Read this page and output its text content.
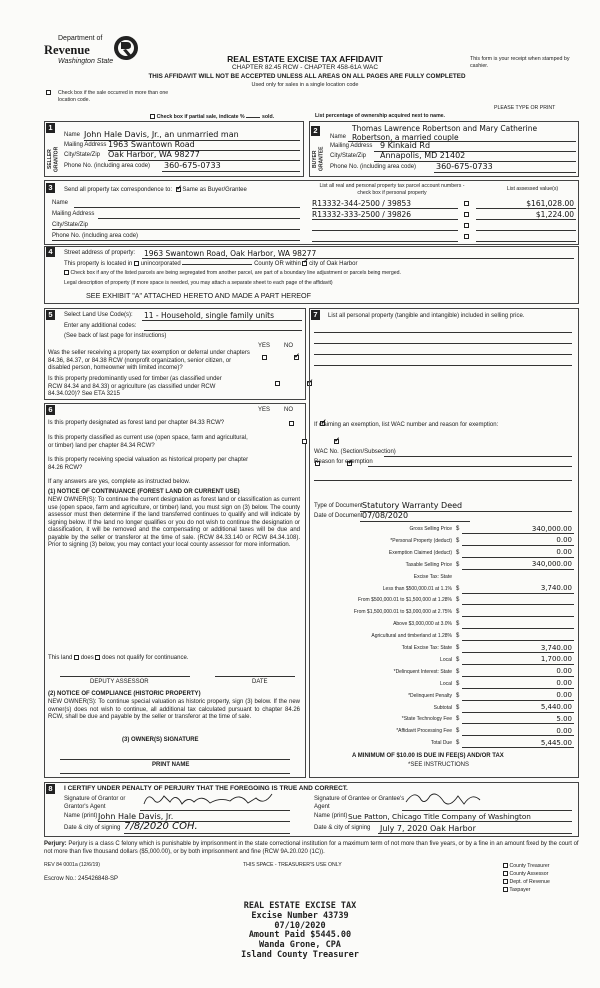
Department of
Revenue
Washington State	REAL ESTATE EXCISE TAX AFFIDAVIT
CHAPTER 82.45 RCW - CHAPTER 458-61A WAC
THIS AFFIDAVIT WILL NOT BE ACCEPTED UNLESS ALL AREAS ON ALL PAGES ARE FULLY COMPLETED
Used only for sales in a single location code
This form is your receipt when stamped by cashier.
Check box if the sale occurred in more than one location code.
Check box if partial sale, indicate %	sold.	List percentage of ownership acquired next to name.
PLEASE TYPE OR PRINT
1
SELLER GRANTOR
Name John Hale Davis, Jr., an unmarried man
Mailing Address 1963 Swantown Road
City/State/Zip Oak Harbor, WA 98277
Phone No. (including area code) 360-675-0733
2
BUYER GRANTEE
Thomas Lawrence Robertson and Mary Catherine Robertson, a married couple
Name
Mailing Address 9 Kinkaid Rd
City/State/Zip Annapolis, MD 21402
Phone No. (including area code) 360-675-0733
3	Send all property tax correspondence to: ✓ Same as Buyer/Grantee
Name
Mailing Address
City/State/Zip
Phone No. (including area code)
List all real and personal property tax parcel account numbers - check box if personal property
List assessed value(s)
R13332-344-2500 / 39853	$161,028.00
R13332-333-2500 / 39826	$1,224.00
4	Street address of property: 1963 Swantown Road, Oak Harbor, WA 98277
This property is located in unincorporated	County OR within ✓ city of Oak Harbor
Check box if any of the listed parcels are being segregated from another parcel, are part of a boundary line adjustment or parcels being merged.
Legal description of property (if more space is needed, you may attach a separate sheet to each page of the affidavit)
SEE EXHIBIT "A" ATTACHED HERETO AND MADE A PART HEREOF
5	Select Land Use Code(s): 11 - Household, single family units
Enter any additional codes:
(See back of last page for instructions)
YES NO
Was the seller receiving a property tax exemption or deferral under chapters 84.36, 84.37, or 84.38 RCW (nonprofit organization, senior citizen, or disabled person, homeowner with limited income)?
✓
Is this property predominantly used for timber (as classified under RCW 84.34 and 84.33) or agriculture (as classified under RCW 84.34.020)? See ETA 3215
✓
6	YES NO
Is this property designated as forest land per chapter 84.33 RCW?
✓
Is this property classified as current use (open space, farm and agricultural, or timber) land per chapter 84.34 RCW?
✓
Is this property receiving special valuation as historical property per chapter 84.26 RCW?
✓
If any answers are yes, complete as instructed below.
(1) NOTICE OF CONTINUANCE (FOREST LAND OR CURRENT USE)
NEW OWNER(S): To continue the current designation as forest land or classification as current use (open space, farm and agriculture, or timber) land, you must sign on (3) below. The county assessor must then determine if the land transferred continues to qualify and will indicate by signing below. If the land no longer qualifies or you do not wish to continue the designation or classification, it will be removed and the compensating or additional taxes will be due and payable by the seller or transferor at the time of sale. (RCW 84.33.140 or RCW 84.34.108). Prior to signing (3) below, you may contact your local county assessor for more information.
This land does does not qualify for continuance.
DEPUTY ASSESSOR	DATE
(2) NOTICE OF COMPLIANCE (HISTORIC PROPERTY)
NEW OWNER(S): To continue special valuation as historic property, sign (3) below. If the new owner(s) does not wish to continue, all additional tax calculated pursuant to chapter 84.26 RCW, shall be due and payable by the seller or transferor at the time of sale.
(3) OWNER(S) SIGNATURE
PRINT NAME
7	List all personal property (tangible and intangible) included in selling price.
If claiming an exemption, list WAC number and reason for exemption:
WAC No. (Section/Subsection)
Reason for exemption
Type of Document Statutory Warranty Deed
Date of Document 07/08/2020
Gross Selling Price $	340,000.00
*Personal Property (deduct) $	0.00
Exemption Claimed (deduct) $	0.00
Taxable Selling Price $	340,000.00
Excise Tax: State
Less than $500,000.01 at 1.1% $	3,740.00
From $500,000.01 to $1,500,000 at 1.28% $
From $1,500,000.01 to $3,000,000 at 2.75% $
Above $3,000,000 at 3.0% $
Agricultural and timberland at 1.28% $
Total Excise Tax: State $	3,740.00
Local $	1,700.00
*Delinquent Interest: State $	0.00
Local $	0.00
*Delinquent Penalty $	0.00
Subtotal $	5,440.00
*State Technology Fee $	5.00
*Affidavit Processing Fee $	0.00
Total Due $	5,445.00
A MINIMUM OF $10.00 IS DUE IN FEE(S) AND/OR TAX
*SEE INSTRUCTIONS
8	I CERTIFY UNDER PENALTY OF PERJURY THAT THE FOREGOING IS TRUE AND CORRECT.
Signature of Grantor or Grantor's Agent
Name (print) John Hale Davis, Jr.
Date & city of signing 7/8/2020 COH.
Signature of Grantee or Grantee's Agent
Name (print) Sue Patton, Chicago Title Company of Washington
Date & city of signing July 7, 2020 Oak Harbor
Perjury: Perjury is a class C felony which is punishable by imprisonment in the state correctional institution for a maximum term of not more than five years, or by a fine in an amount fixed by the court of not more than five thousand dollars ($5,000.00), or by both imprisonment and fine (RCW 9A.20.020 (1C)).
REV 84 0001a (12/6/19)	THIS SPACE - TREASURER'S USE ONLY
Escrow No.: 245426848-SP
County Treasurer
County Assessor
Dept. of Revenue
Taxpayer
REAL ESTATE EXCISE TAX
Excise Number 43739
07/10/2020
Amount Paid $5445.00
Wanda Grone, CPA
Island County Treasurer
